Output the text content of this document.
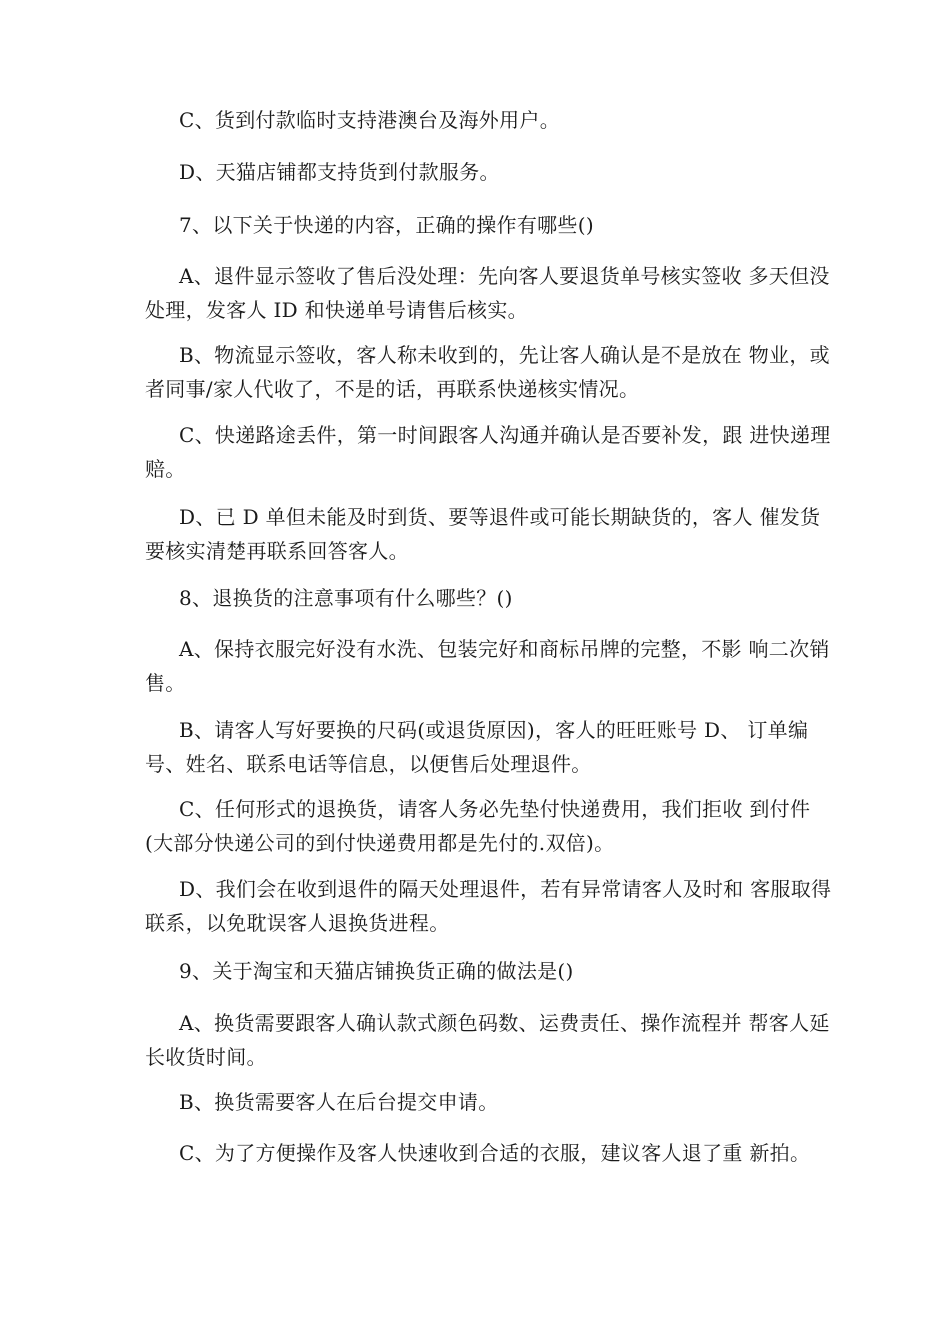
C、货到付款临时支持港澳台及海外用户。

D、天猫店铺都支持货到付款服务。

7、以下关于快递的内容，正确的操作有哪些()

A、退件显示签收了售后没处理：先向客人要退货单号核实签收 多天但没处理，发客人 ID 和快递单号请售后核实。

B、物流显示签收，客人称未收到的，先让客人确认是不是放在 物业，或者同事/家人代收了，不是的话，再联系快递核实情况。

C、快递路途丢件，第一时间跟客人沟通并确认是否要补发，跟 进快递理赔。

D、已 D 单但未能及时到货、要等退件或可能长期缺货的，客人 催发货要核实清楚再联系回答客人。

8、退换货的注意事项有什么哪些？()

A、保持衣服完好没有水洗、包装完好和商标吊牌的完整，不影 响二次销售。

B、请客人写好要换的尺码(或退货原因)，客人的旺旺账号 D、 订单编号、姓名、联系电话等信息，以便售后处理退件。

C、任何形式的退换货，请客人务必先垫付快递费用，我们拒收 到付件(大部分快递公司的到付快递费用都是先付的.双倍)。

D、我们会在收到退件的隔天处理退件，若有异常请客人及时和 客服取得联系，以免耽误客人退换货进程。

9、关于淘宝和天猫店铺换货正确的做法是()

A、换货需要跟客人确认款式颜色码数、运费责任、操作流程并 帮客人延长收货时间。

B、换货需要客人在后台提交申请。

C、为了方便操作及客人快速收到合适的衣服，建议客人退了重 新拍。
